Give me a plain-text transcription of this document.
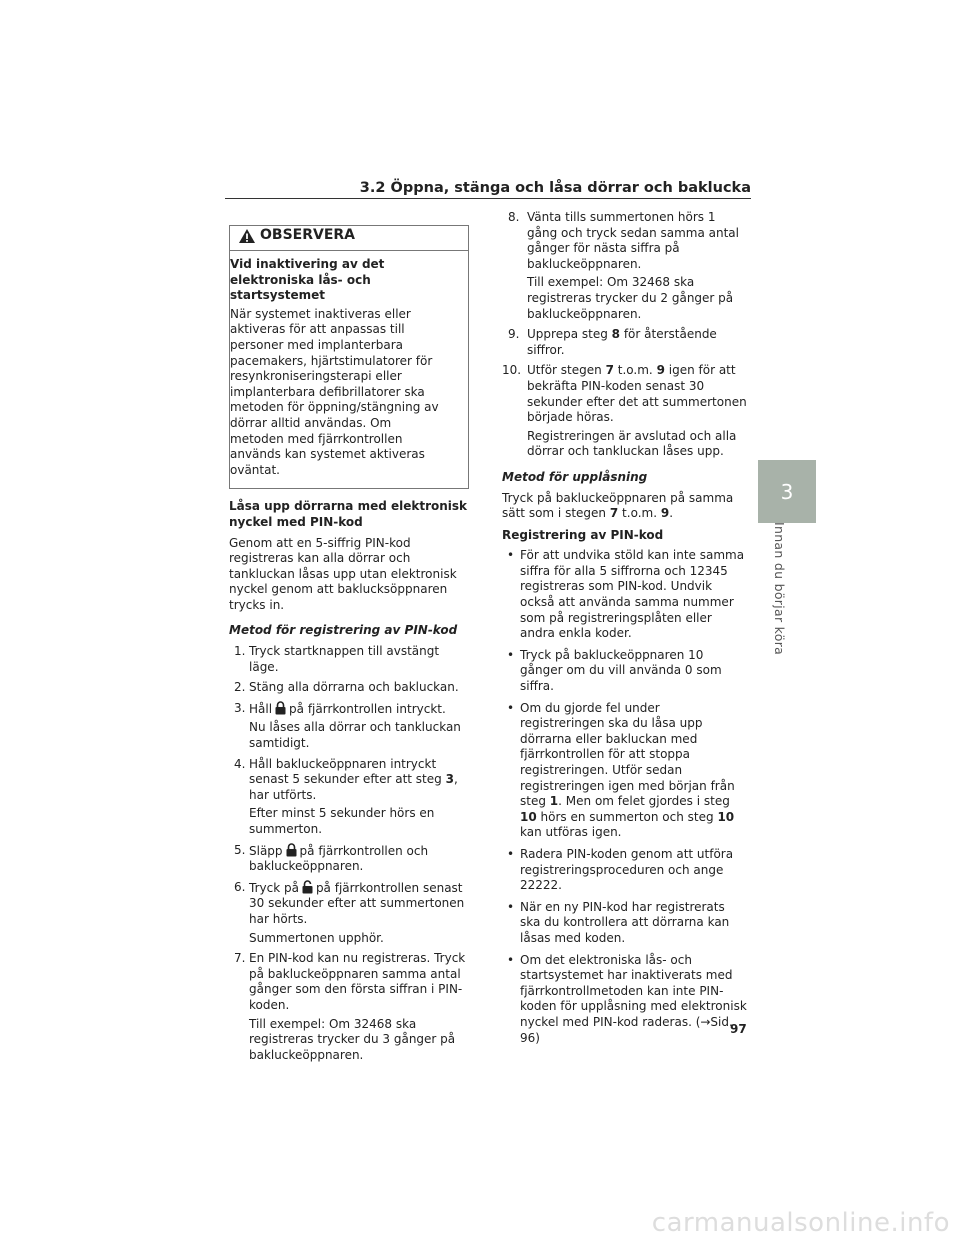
3.2 Öppna, stänga och låsa dörrar och baklucka
3
Innan du börjar köra
OBSERVERA

Vid inaktivering av det elektroniska lås- och startsystemet

När systemet inaktiveras eller aktiveras för att anpassas till personer med implanterbara pacemakers, hjärtstimulatorer för resynkroniseringsterapi eller implanterbara defibrillatorer ska metoden för öppning/stängning av dörrar alltid användas. Om metoden med fjärrkontrollen används kan systemet aktiveras oväntat.

Låsa upp dörrarna med elektronisk nyckel med PIN-kod

Genom att en 5-siffrig PIN-kod registreras kan alla dörrar och tankluckan låsas upp utan elektronisk nyckel genom att baklucksöppnaren trycks in.

Metod för registrering av PIN-kod

1. Tryck startknappen till avstängt läge.
2. Stäng alla dörrarna och bakluckan.
3. Håll på fjärrkontrollen intryckt.
Nu låses alla dörrar och tankluckan samtidigt.
4. Håll bakluckeöppnaren intryckt senast 5 sekunder efter att steg 3, har utförts.
Efter minst 5 sekunder hörs en summerton.
5. Släpp på fjärrkontrollen och bakluckeöppnaren.
6. Tryck på på fjärrkontrollen senast 30 sekunder efter att summertonen har hörts.
Summertonen upphör.
7. En PIN-kod kan nu registreras. Tryck på bakluckeöppnaren samma antal gånger som den första siffran i PIN-koden.
Till exempel: Om 32468 ska registreras trycker du 3 gånger på bakluckeöppnaren.
8. Vänta tills summertonen hörs 1 gång och tryck sedan samma antal gånger för nästa siffra på bakluckeöppnaren.
Till exempel: Om 32468 ska registreras trycker du 2 gånger på bakluckeöppnaren.
9. Upprepa steg 8 för återstående siffror.
10. Utför stegen 7 t.o.m. 9 igen för att bekräfta PIN-koden senast 30 sekunder efter det att summertonen började höras.
Registreringen är avslutad och alla dörrar och tankluckan låses upp.

Metod för upplåsning

Tryck på bakluckeöppnaren på samma sätt som i stegen 7 t.o.m. 9.

Registrering av PIN-kod

• För att undvika stöld kan inte samma siffra för alla 5 siffrorna och 12345 registreras som PIN-kod. Undvik också att använda samma nummer som på registreringsplåten eller andra enkla koder.
• Tryck på bakluckeöppnaren 10 gånger om du vill använda 0 som siffra.
• Om du gjorde fel under registreringen ska du låsa upp dörrarna eller bakluckan med fjärrkontrollen för att stoppa registreringen. Utför sedan registreringen igen med början från steg 1. Men om felet gjordes i steg 10 hörs en summerton och steg 10 kan utföras igen.
• Radera PIN-koden genom att utföra registreringsproceduren och ange 22222.
• När en ny PIN-kod har registrerats ska du kontrollera att dörrarna kan låsas med koden.
• Om det elektroniska lås- och startsystemet har inaktiverats med fjärrkontrollmetoden kan inte PIN-koden för upplåsning med elektronisk nyckel med PIN-kod raderas. (→Sid. 96)
97
carmanualsonline.info
